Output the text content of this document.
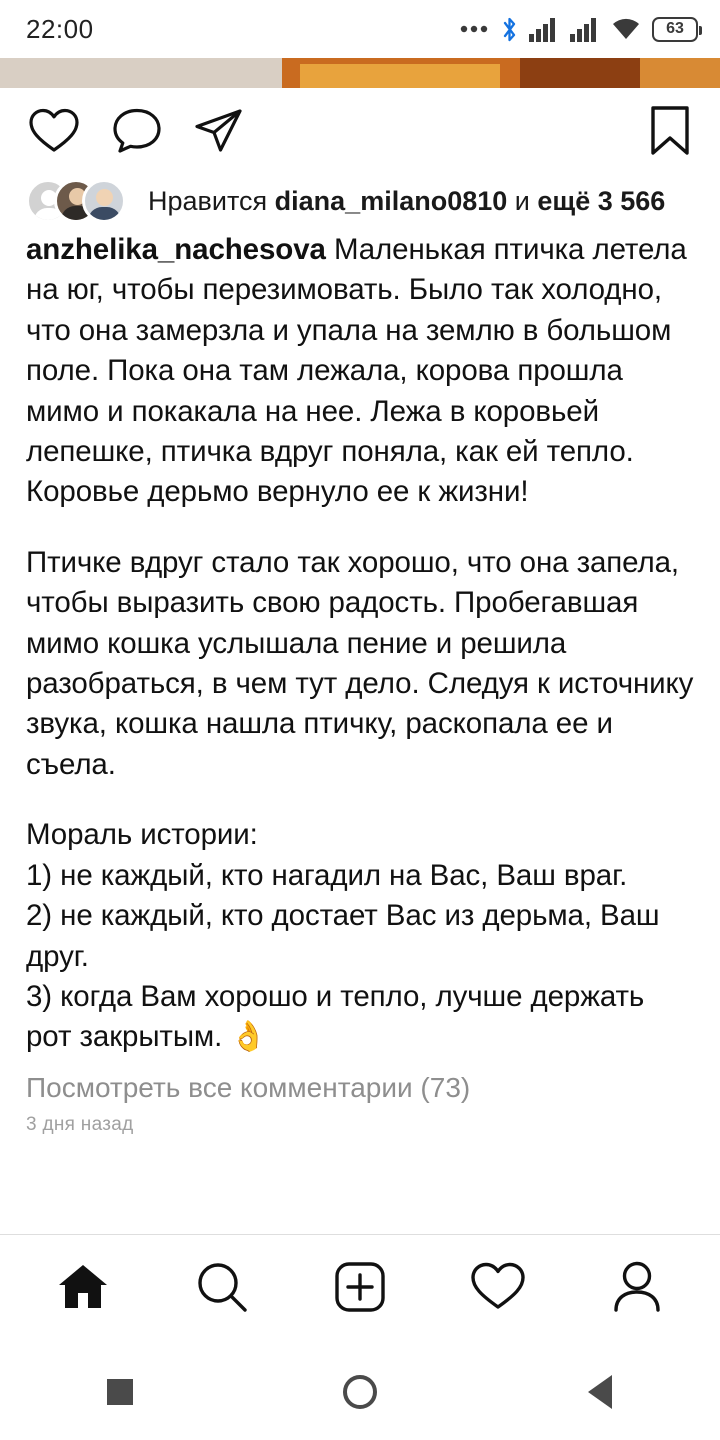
22:00	63
Нравится diana_milano0810 и ещё 3 566

anzhelika_nachesova Маленькая птичка летела на юг, чтобы перезимовать. Было так холодно, что она замерзла и упала на землю в большом поле. Пока она там лежала, корова прошла мимо и покакала на нее. Лежа в коровьей лепешке, птичка вдруг поняла, как ей тепло. Коровье дерьмо вернуло ее к жизни!

Птичке вдруг стало так хорошо, что она запела, чтобы выразить свою радость. Пробегавшая мимо кошка услышала пение и решила разобраться, в чем тут дело. Следуя к источнику звука, кошка нашла птичку, раскопала ее и съела.

Мораль истории:

1) не каждый, кто нагадил на Вас, Ваш враг.

2) не каждый, кто достает Вас из дерьма, Ваш друг.

3) когда Вам хорошо и тепло, лучше держать рот закрытым. 👌

Посмотреть все комментарии (73)
3 дня назад
